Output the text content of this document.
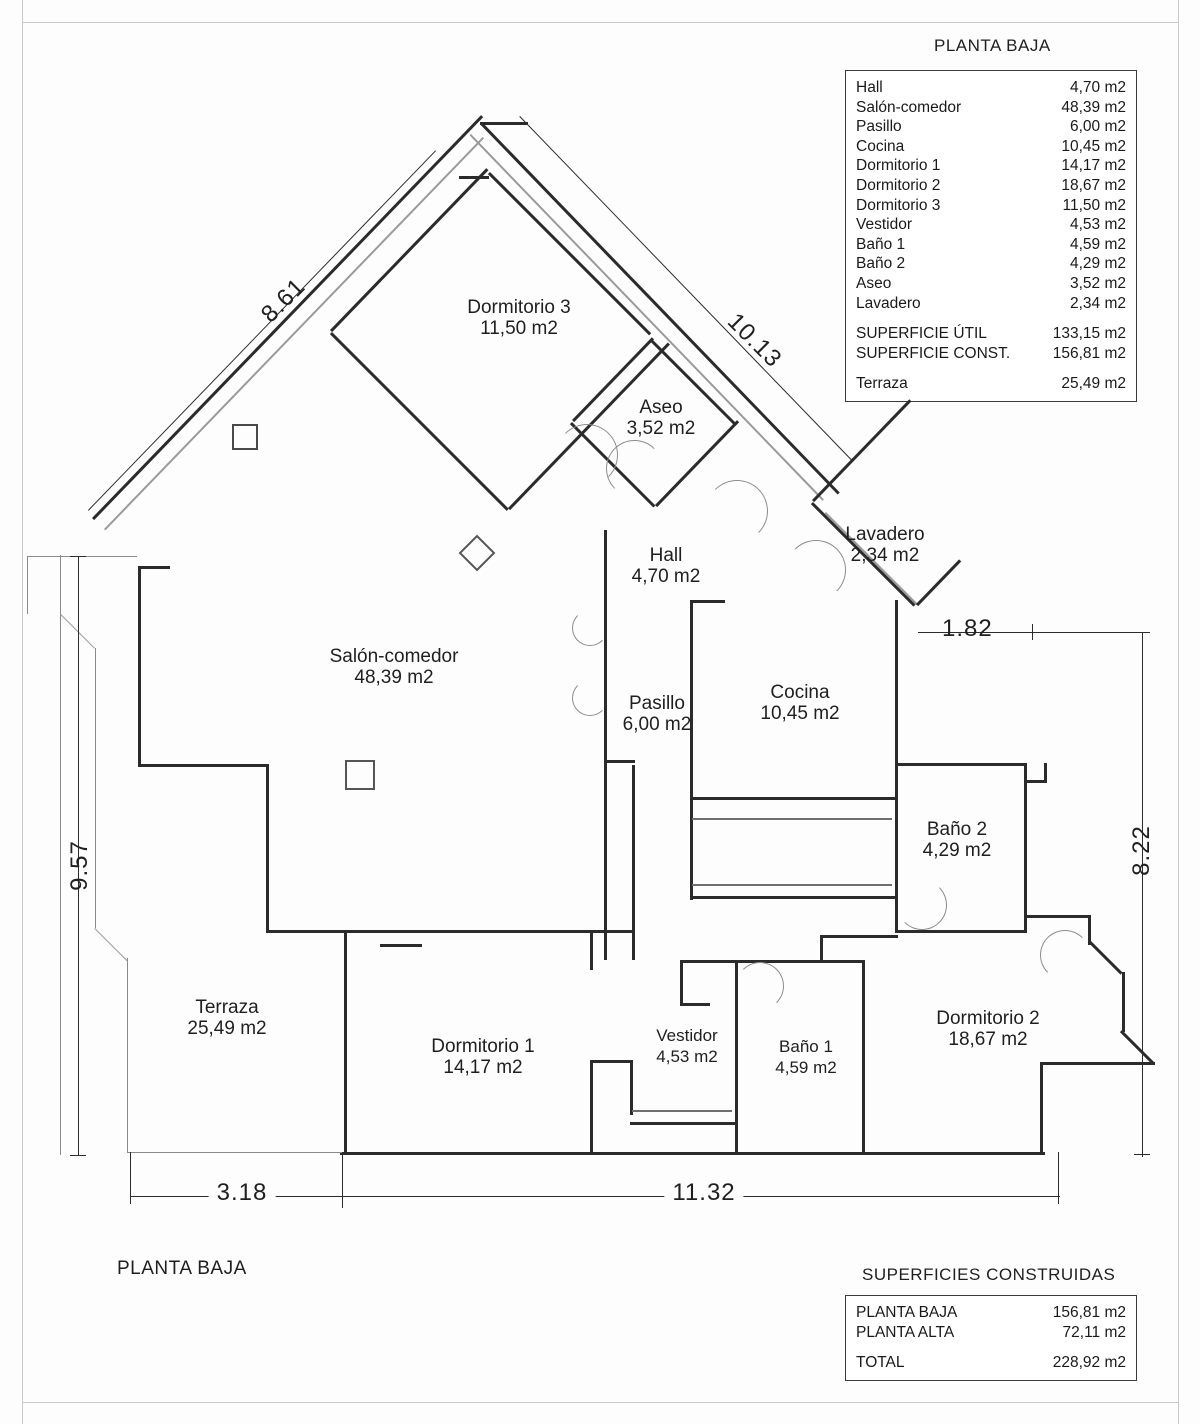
PLANTA BAJA
PLANTA BAJA
Hall	4,70 m2
Salón-comedor	48,39 m2
Pasillo	6,00 m2
Cocina	10,45 m2
Dormitorio 1	14,17 m2
Dormitorio 2	18,67 m2
Dormitorio 3	11,50 m2
Vestidor	4,53 m2
Baño 1	4,59 m2
Baño 2	4,29 m2
Aseo	3,52 m2
Lavadero	2,34 m2
SUPERFICIE ÚTIL	133,15 m2
SUPERFICIE CONST.	156,81 m2
Terraza	25,49 m2
SUPERFICIES CONSTRUIDAS
PLANTA BAJA	156,81 m2
PLANTA ALTA	72,11 m2
TOTAL	228,92 m2
Dormitorio 3
11,50 m2
Aseo
3,52 m2
Lavadero
2,34 m2
Hall
4,70 m2
Salón-comedor
48,39 m2
Pasillo
6,00 m2
Cocina
10,45 m2
Baño 2
4,29 m2
Terraza
25,49 m2
Dormitorio 1
14,17 m2
Vestidor
4,53 m2
Baño 1
4,59 m2
Dormitorio 2
18,67 m2
8.61
10.13
1.82
8.22
9.57
3.18	11.32
